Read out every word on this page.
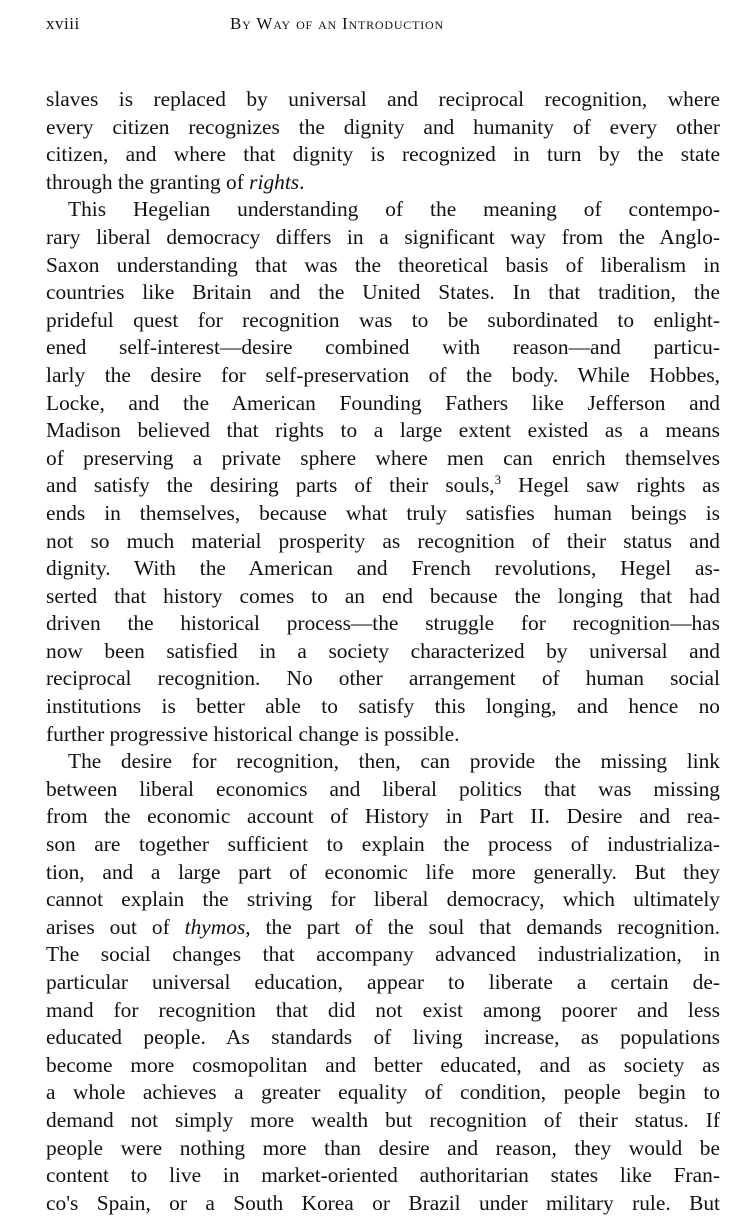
xviii	By Way of an Introduction

slaves is replaced by universal and reciprocal recognition, where
every citizen recognizes the dignity and humanity of every other
citizen, and where that dignity is recognized in turn by the state
through the granting of rights.

This Hegelian understanding of the meaning of contempo-
rary liberal democracy differs in a significant way from the Anglo-
Saxon understanding that was the theoretical basis of liberalism in
countries like Britain and the United States. In that tradition, the
prideful quest for recognition was to be subordinated to enlight-
ened self-interest—desire combined with reason—and particu-
larly the desire for self-preservation of the body. While Hobbes,
Locke, and the American Founding Fathers like Jefferson and
Madison believed that rights to a large extent existed as a means
of preserving a private sphere where men can enrich themselves
and satisfy the desiring parts of their souls,$^3$ Hegel saw rights as
ends in themselves, because what truly satisfies human beings is
not so much material prosperity as recognition of their status and
dignity. With the American and French revolutions, Hegel as-
serted that history comes to an end because the longing that had
driven the historical process—the struggle for recognition—has
now been satisfied in a society characterized by universal and
reciprocal recognition. No other arrangement of human social
institutions is better able to satisfy this longing, and hence no
further progressive historical change is possible.

The desire for recognition, then, can provide the missing link
between liberal economics and liberal politics that was missing
from the economic account of History in Part II. Desire and rea-
son are together sufficient to explain the process of industrializa-
tion, and a large part of economic life more generally. But they
cannot explain the striving for liberal democracy, which ultimately
arises out of thymos, the part of the soul that demands recognition.
The social changes that accompany advanced industrialization, in
particular universal education, appear to liberate a certain de-
mand for recognition that did not exist among poorer and less
educated people. As standards of living increase, as populations
become more cosmopolitan and better educated, and as society as
a whole achieves a greater equality of condition, people begin to
demand not simply more wealth but recognition of their status. If
people were nothing more than desire and reason, they would be
content to live in market-oriented authoritarian states like Fran-
co's Spain, or a South Korea or Brazil under military rule. But
